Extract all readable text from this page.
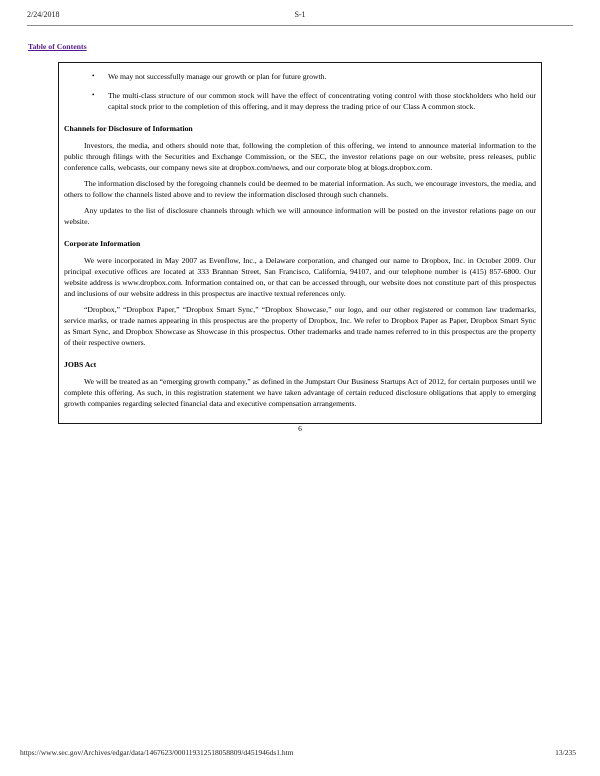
2/24/2018	S-1
Table of Contents
•	We may not successfully manage our growth or plan for future growth.
•	The multi-class structure of our common stock will have the effect of concentrating voting control with those stockholders who held our capital stock prior to the completion of this offering, and it may depress the trading price of our Class A common stock.
Channels for Disclosure of Information

Investors, the media, and others should note that, following the completion of this offering, we intend to announce material information to the public through filings with the Securities and Exchange Commission, or the SEC, the investor relations page on our website, press releases, public conference calls, webcasts, our company news site at dropbox.com/news, and our corporate blog at blogs.dropbox.com.

The information disclosed by the foregoing channels could be deemed to be material information. As such, we encourage investors, the media, and others to follow the channels listed above and to review the information disclosed through such channels.

Any updates to the list of disclosure channels through which we will announce information will be posted on the investor relations page on our website.

Corporate Information

We were incorporated in May 2007 as Evenflow, Inc., a Delaware corporation, and changed our name to Dropbox, Inc. in October 2009. Our principal executive offices are located at 333 Brannan Street, San Francisco, California, 94107, and our telephone number is (415) 857-6800. Our website address is www.dropbox.com. Information contained on, or that can be accessed through, our website does not constitute part of this prospectus and inclusions of our website address in this prospectus are inactive textual references only.

“Dropbox,” “Dropbox Paper,” “Dropbox Smart Sync,” “Dropbox Showcase,” our logo, and our other registered or common law trademarks, service marks, or trade names appearing in this prospectus are the property of Dropbox, Inc. We refer to Dropbox Paper as Paper, Dropbox Smart Sync as Smart Sync, and Dropbox Showcase as Showcase in this prospectus. Other trademarks and trade names referred to in this prospectus are the property of their respective owners.

JOBS Act

We will be treated as an “emerging growth company,” as defined in the Jumpstart Our Business Startups Act of 2012, for certain purposes until we complete this offering. As such, in this registration statement we have taken advantage of certain reduced disclosure obligations that apply to emerging growth companies regarding selected financial data and executive compensation arrangements.

6
https://www.sec.gov/Archives/edgar/data/1467623/000119312518058809/d451946ds1.htm	13/235
